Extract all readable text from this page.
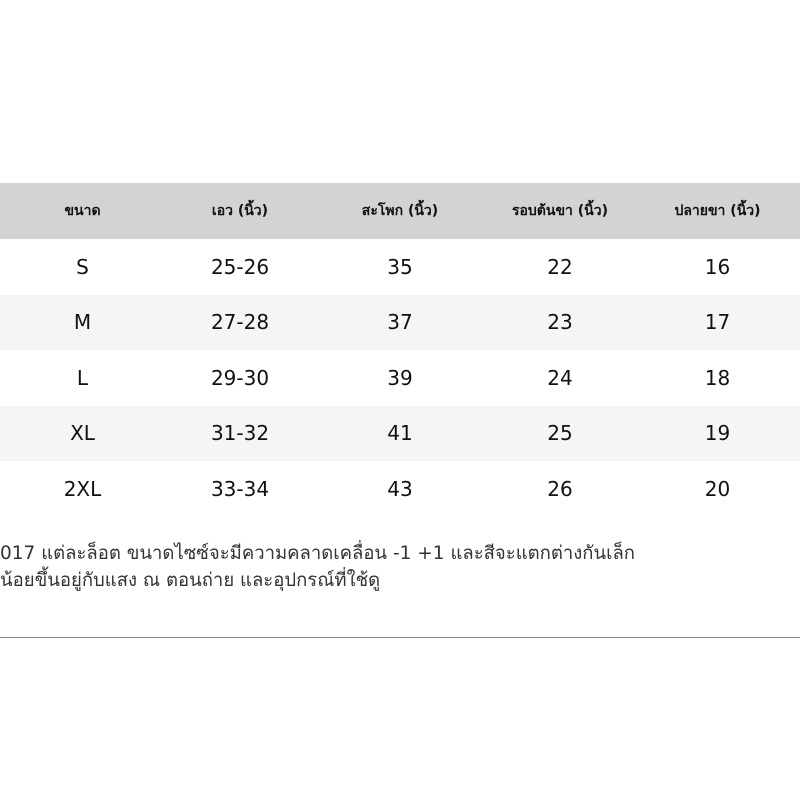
ขนาด	เอว (นิ้ว)	สะโพก (นิ้ว)	รอบต้นขา (นิ้ว)	ปลายขา (นิ้ว)
S	25-26	35	22	16
M	27-28	37	23	17
L	29-30	39	24	18
XL	31-32	41	25	19
2XL	33-34	43	26	20
017 แต่ละล็อต ขนาดไซซ์จะมีความคลาดเคลื่อน -1 +1 และสีจะแตกต่างกันเล็ก
น้อยขึ้นอยู่กับแสง ณ ตอนถ่าย และอุปกรณ์ที่ใช้ดู
